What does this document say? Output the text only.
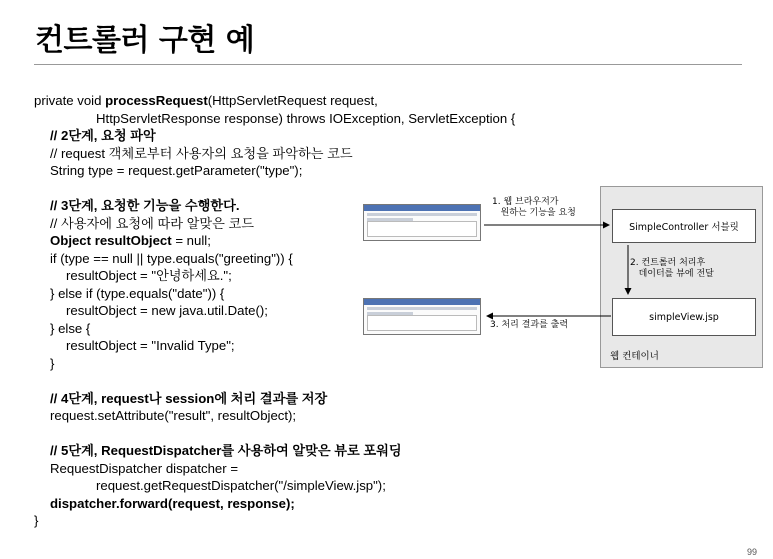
컨트롤러 구현 예
private void processRequest(HttpServletRequest request,
HttpServletResponse response) throws IOException, ServletException {
// 2단계, 요청 파악
// request 객체로부터 사용자의 요청을 파악하는 코드
String type = request.getParameter("type");
// 3단계, 요청한 기능을 수행한다.
// 사용자에 요청에 따라 알맞은 코드
Object resultObject = null;
if (type == null || type.equals("greeting")) {
resultObject = "안녕하세요.";
} else if (type.equals("date")) {
resultObject = new java.util.Date();
} else {
resultObject = "Invalid Type";
}
// 4단계, request나 session에 처리 결과를 저장
request.setAttribute("result", resultObject);
// 5단계, RequestDispatcher를 사용하여 알맞은 뷰로 포워딩
RequestDispatcher dispatcher =
request.getRequestDispatcher("/simpleView.jsp");
dispatcher.forward(request, response);
}
SimpleController 서블릿
simpleView.jsp
웹 컨테이너
1. 웹 브라우저가
원하는 기능을 요청
2. 컨트롤러 처리후
데이터를 뷰에 전달
3. 처리 결과를 출력
99
